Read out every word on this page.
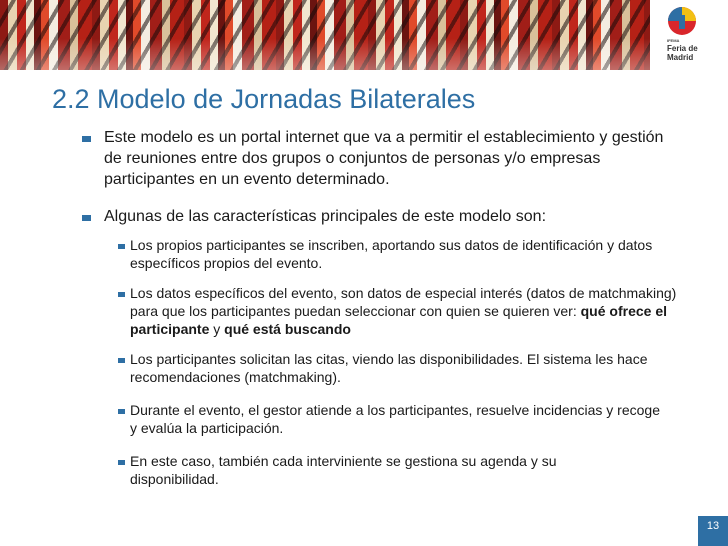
IFEMA
Feria de
Madrid
2.2 Modelo de Jornadas Bilaterales
Este modelo es un portal internet que va a permitir el establecimiento y gestión de reuniones entre dos grupos o conjuntos de personas y/o empresas participantes en un evento determinado.
Algunas de las características principales de este modelo son:
Los propios participantes se inscriben, aportando sus datos de identificación y datos específicos propios del evento.
Los datos específicos del evento, son datos de especial interés (datos de matchmaking) para que los participantes puedan seleccionar con quien se quieren ver: qué ofrece el participante y qué está buscando
Los participantes solicitan las citas, viendo las disponibilidades. El sistema les hace recomendaciones (matchmaking).
Durante el evento, el gestor atiende a los participantes, resuelve incidencias y recoge y evalúa la participación.
En este caso, también cada interviniente se gestiona su agenda y su disponibilidad.
13
